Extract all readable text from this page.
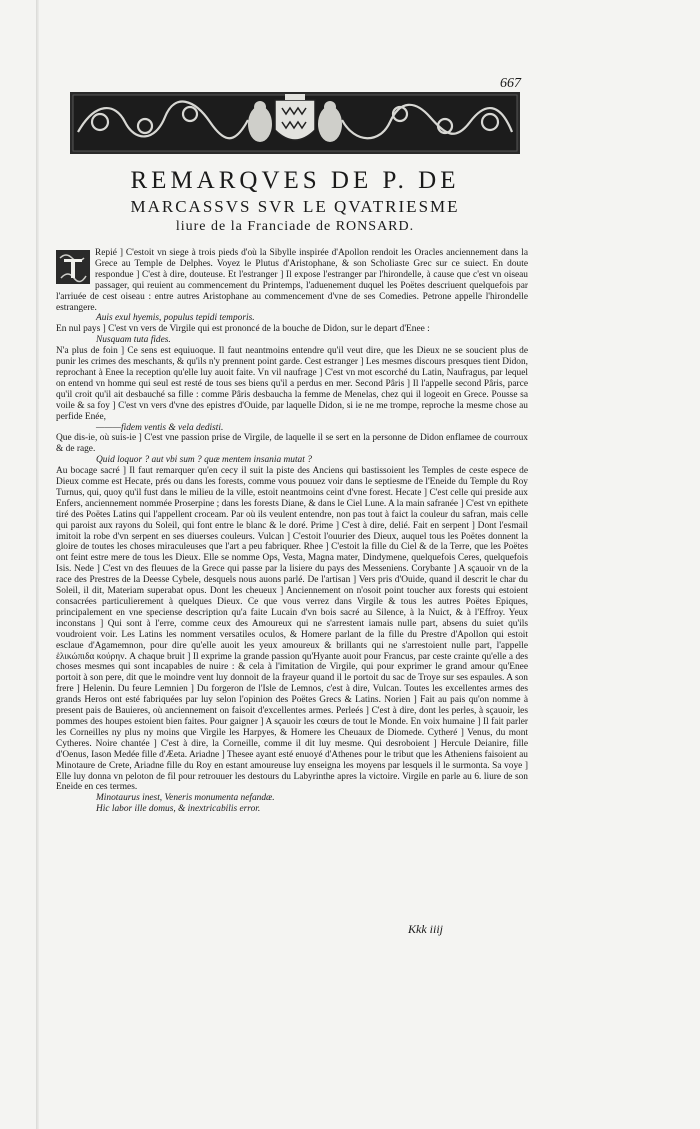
667
REMARQVES DE P. DE
MARCASSVS SVR LE QVATRIESME
liure de la Franciade de RONSARD.

Repié ] C'estoit vn siege à trois pieds d'où la Sibylle inspirée d'Apollon rendoit les Oracles anciennement dans la Grece au Temple de Delphes. Voyez le Plutus d'Aristophane, & son Scholiaste Grec sur ce suiect. En doute respondue ] C'est à dire, douteuse. Et l'estranger ] Il expose l'estranger par l'hirondelle, à cause que c'est vn oiseau passager, qui reuient au commencement du Printemps, l'aduenement duquel les Poëtes descriuent quelquefois par l'arriuée de cest oiseau : entre autres Aristophane au commencement d'vne de ses Comedies. Petrone appelle l'hirondelle estrangere.

Auis exul hyemis, populus tepidi temporis.

En nul pays ] C'est vn vers de Virgile qui est prononcé de la bouche de Didon, sur le depart d'Enee :

Nusquam tuta fides.

N'a plus de foin ] Ce sens est equiuoque. Il faut neantmoins entendre qu'il veut dire, que les Dieux ne se soucient plus de punir les crimes des meschants, & qu'ils n'y prennent point garde. Cest estranger ] Les mesmes discours presques tient Didon, reprochant à Enee la reception qu'elle luy auoit faite. Vn vil naufrage ] C'est vn mot escorché du Latin, Naufragus, par lequel on entend vn homme qui seul est resté de tous ses biens qu'il a perdus en mer. Second Pâris ] Il l'appelle second Pâris, parce qu'il croit qu'il ait desbauché sa fille : comme Pâris desbaucha la femme de Menelas, chez qui il logeoit en Grece. Pousse sa voile & sa foy ] C'est vn vers d'vne des epistres d'Ouide, par laquelle Didon, si ie ne me trompe, reproche la mesme chose au perfide Enée,

———fidem ventis & vela dedisti.

Que dis-ie, où suis-ie ] C'est vne passion prise de Virgile, de laquelle il se sert en la personne de Didon enflamee de courroux & de rage.

Quid loquor ? aut vbi sum ? quæ mentem insania mutat ?

Au bocage sacré ] Il faut remarquer qu'en cecy il suit la piste des Anciens qui bastissoient les Temples de ceste espece de Dieux comme est Hecate, prés ou dans les forests, comme vous pouuez voir dans le septiesme de l'Eneide du Temple du Roy Turnus, qui, quoy qu'il fust dans le milieu de la ville, estoit neantmoins ceint d'vne forest. Hecate ] C'est celle qui preside aux Enfers, anciennement nommée Proserpine ; dans les forests Diane, & dans le Ciel Lune. A la main safranée ] C'est vn epithete tiré des Poëtes Latins qui l'appellent croceam. Par où ils veulent entendre, non pas tout à faict la couleur du safran, mais celle qui paroist aux rayons du Soleil, qui font entre le blanc & le doré. Prime ] C'est à dire, delié. Fait en serpent ] Dont l'esmail imitoit la robe d'vn serpent en ses diuerses couleurs. Vulcan ] C'estoit l'ouurier des Dieux, auquel tous les Poëtes donnent la gloire de toutes les choses miraculeuses que l'art a peu fabriquer. Rhee ] C'estoit la fille du Ciel & de la Terre, que les Poëtes ont feint estre mere de tous les Dieux. Elle se nomme Ops, Vesta, Magna mater, Dindymene, quelquefois Ceres, quelquefois Isis. Nede ] C'est vn des fleuues de la Grece qui passe par la lisiere du pays des Messeniens. Corybante ] A sçauoir vn de la race des Prestres de la Deesse Cybele, desquels nous auons parlé. De l'artisan ] Vers pris d'Ouide, quand il descrit le char du Soleil, il dit, Materiam superabat opus. Dont les cheueux ] Anciennement on n'osoit point toucher aux forests qui estoient consacrées particulierement à quelques Dieux. Ce que vous verrez dans Virgile & tous les autres Poëtes Epiques, principalement en vne speciense description qu'a faite Lucain d'vn bois sacré au Silence, à la Nuict, & à l'Effroy. Yeux inconstans ] Qui sont à l'erre, comme ceux des Amoureux qui ne s'arrestent iamais nulle part, absens du suiet qu'ils voudroient voir. Les Latins les nomment versatiles oculos, & Homere parlant de la fille du Prestre d'Apollon qui estoit esclaue d'Agamemnon, pour dire qu'elle auoit les yeux amoureux & brillants qui ne s'arrestoient nulle part, l'appelle ἑλικώπιδα κούρην. A chaque bruit ] Il exprime la grande passion qu'Hyante auoit pour Francus, par ceste crainte qu'elle a des choses mesmes qui sont incapables de nuire : & cela à l'imitation de Virgile, qui pour exprimer le grand amour qu'Enee portoit à son pere, dit que le moindre vent luy donnoit de la frayeur quand il le portoit du sac de Troye sur ses espaules. A son frere ] Helenin. Du feure Lemnien ] Du forgeron de l'Isle de Lemnos, c'est à dire, Vulcan. Toutes les excellentes armes des grands Heros ont esté fabriquées par luy selon l'opinion des Poëtes Grecs & Latins. Norien ] Fait au pais qu'on nomme à present pais de Bauieres, où anciennement on faisoit d'excellentes armes. Perleés ] C'est à dire, dont les perles, à sçauoir, les pommes des houpes estoient bien faites. Pour gaigner ] A sçauoir les cœurs de tout le Monde. En voix humaine ] Il fait parler les Corneilles ny plus ny moins que Virgile les Harpyes, & Homere les Cheuaux de Diomede. Cytheré ] Venus, du mont Cytheres. Noire chantée ] C'est à dire, la Corneille, comme il dit luy mesme. Qui desroboient ] Hercule Deianire, fille d'Oenus, Iason Medée fille d'Æeta. Ariadne ] Thesee ayant esté enuoyé d'Athenes pour le tribut que les Atheniens faisoient au Minotaure de Crete, Ariadne fille du Roy en estant amoureuse luy enseigna les moyens par lesquels il le surmonta. Sa voye ] Elle luy donna vn peloton de fil pour retrouuer les destours du Labyrinthe apres la victoire. Virgile en parle au 6. liure de son Eneide en ces termes.

Minotaurus inest, Veneris monumenta nefandæ.

Hic labor ille domus, & inextricabilis error.

Kkk iiij
